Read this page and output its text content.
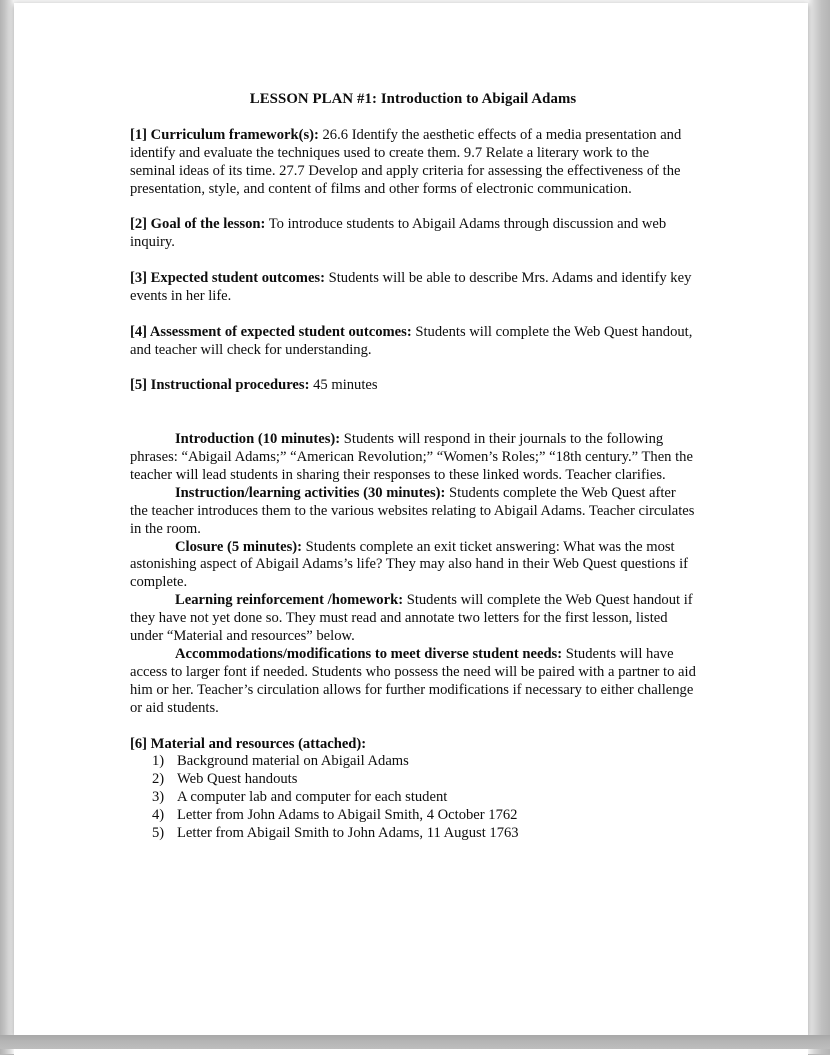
LESSON PLAN #1: Introduction to Abigail Adams

[1] Curriculum framework(s): 26.6 Identify the aesthetic effects of a media presentation and identify and evaluate the techniques used to create them. 9.7 Relate a literary work to the seminal ideas of its time. 27.7 Develop and apply criteria for assessing the effectiveness of the presentation, style, and content of films and other forms of electronic communication.

[2] Goal of the lesson: To introduce students to Abigail Adams through discussion and web inquiry.

[3] Expected student outcomes: Students will be able to describe Mrs. Adams and identify key events in her life.

[4] Assessment of expected student outcomes: Students will complete the Web Quest handout, and teacher will check for understanding.

[5] Instructional procedures: 45 minutes

Introduction (10 minutes): Students will respond in their journals to the following phrases: “Abigail Adams;” “American Revolution;” “Women’s Roles;” “18th century.” Then the teacher will lead students in sharing their responses to these linked words. Teacher clarifies.

Instruction/learning activities (30 minutes): Students complete the Web Quest after the teacher introduces them to the various websites relating to Abigail Adams. Teacher circulates in the room.

Closure (5 minutes): Students complete an exit ticket answering: What was the most astonishing aspect of Abigail Adams’s life? They may also hand in their Web Quest questions if complete.

Learning reinforcement /homework: Students will complete the Web Quest handout if they have not yet done so. They must read and annotate two letters for the first lesson, listed under “Material and resources” below.

Accommodations/modifications to meet diverse student needs: Students will have access to larger font if needed. Students who possess the need will be paired with a partner to aid him or her. Teacher’s circulation allows for further modifications if necessary to either challenge or aid students.

[6] Material and resources (attached):

1) Background material on Abigail Adams
2) Web Quest handouts
3) A computer lab and computer for each student
4) Letter from John Adams to Abigail Smith, 4 October 1762
5) Letter from Abigail Smith to John Adams, 11 August 1763
